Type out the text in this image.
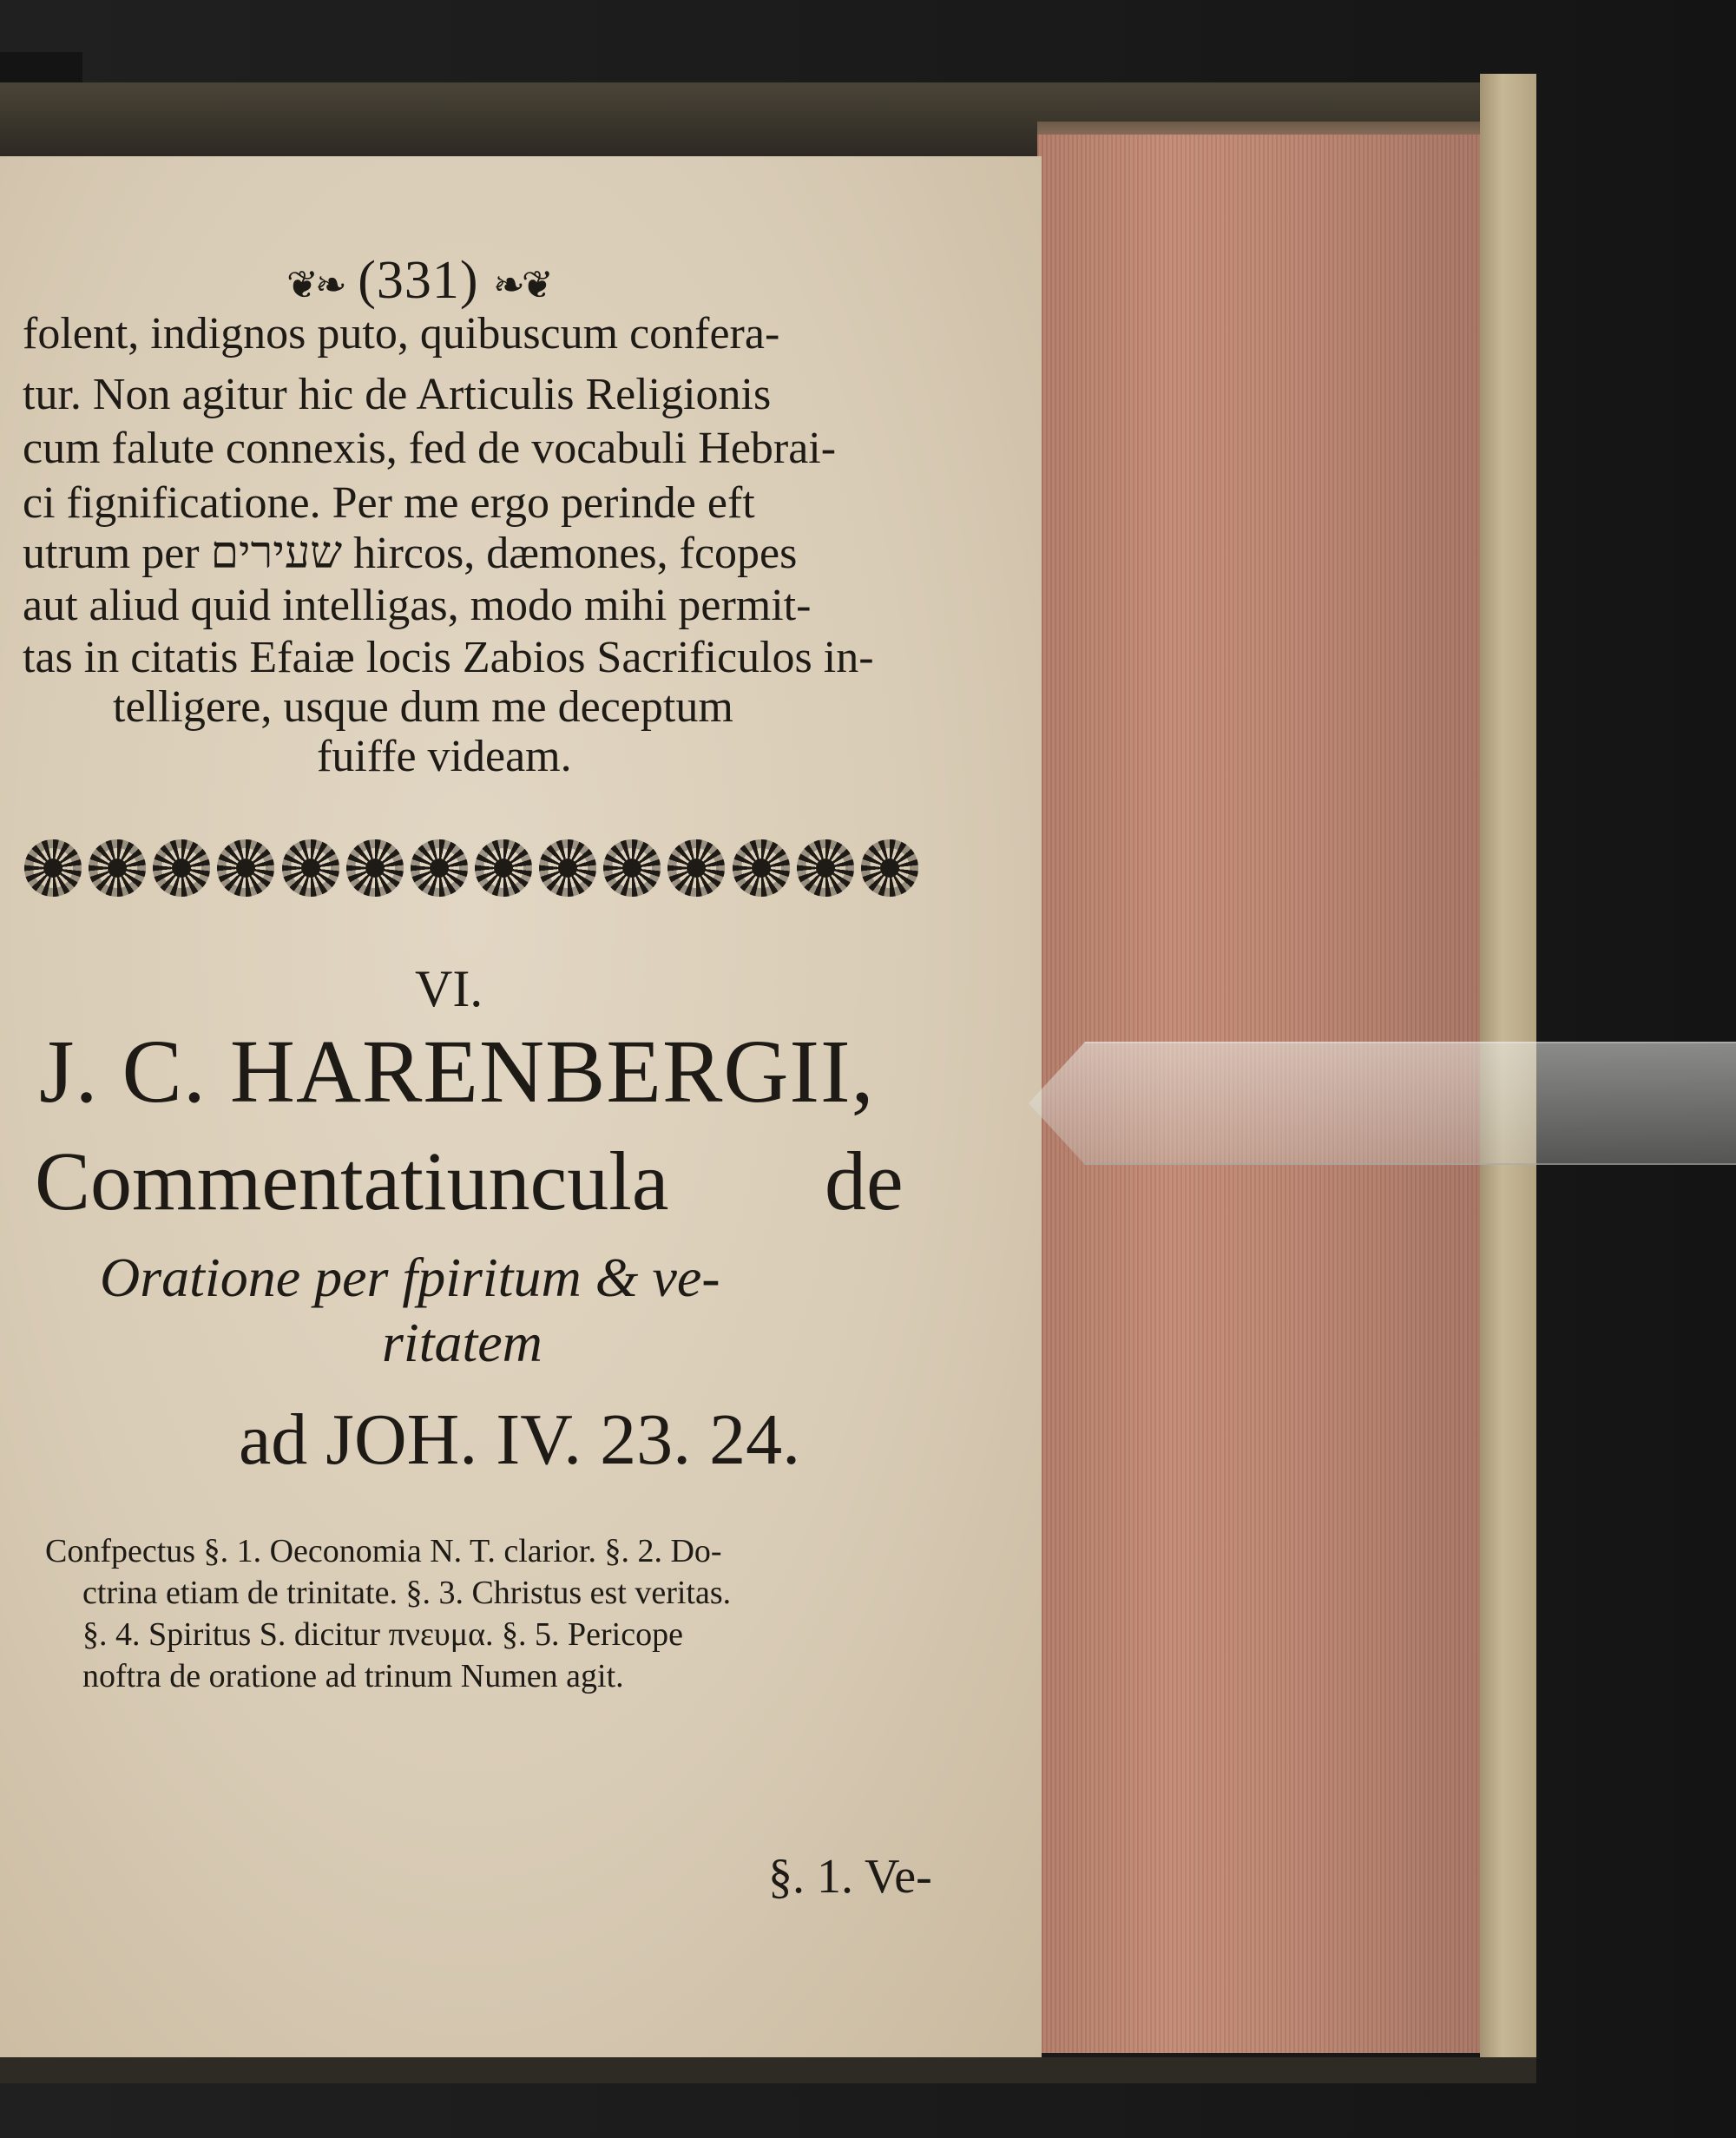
❦❧ (331) ❧❦
folent, indignos puto, quibuscum confera-
tur. Non agitur hic de Articulis Religionis
cum falute connexis, fed de vocabuli Hebrai-
ci fignificatione. Per me ergo perinde eft
utrum per שעירים hircos, dæmones, fcopes
aut aliud quid intelligas, modo mihi permit-
tas in citatis Efaiæ locis Zabios Sacrificulos in-
telligere, usque dum me deceptum
fuiffe videam.
VI.
J. C. HARENBERGII,
Commentatiuncula de
Oratione per fpiritum & ve-
ritatem
ad JOH. IV. 23. 24.
Confpectus §. 1. Oeconomia N. T. clarior. §. 2. Do-
ctrina etiam de trinitate. §. 3. Christus est veritas.
§. 4. Spiritus S. dicitur πνευμα. §. 5. Pericope
noftra de oratione ad trinum Numen agit.
§. 1. Ve-
